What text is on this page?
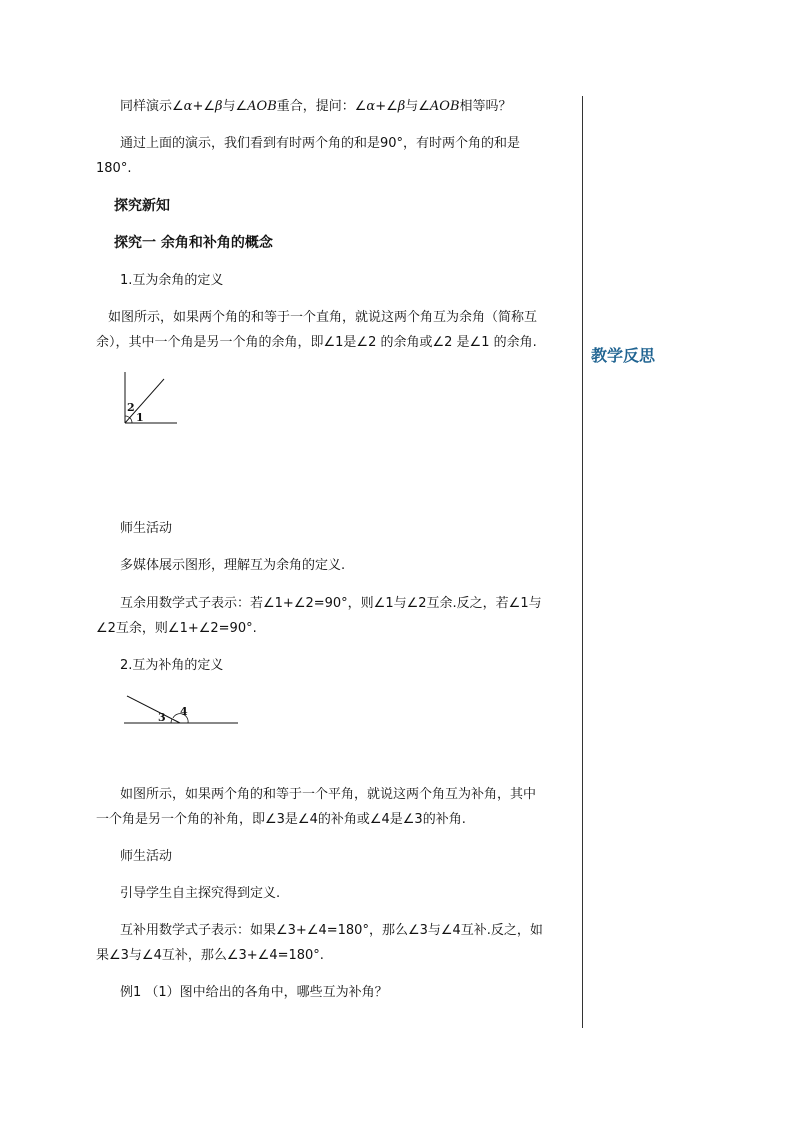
教学反思
同样演示∠α+∠β与∠AOB重合，提问：∠α+∠β与∠AOB相等吗？
通过上面的演示，我们看到有时两个角的和是90°，有时两个角的和是
180°.
探究新知
探究一 余角和补角的概念
1.互为余角的定义
如图所示，如果两个角的和等于一个直角，就说这两个角互为余角（简称互
余），其中一个角是另一个角的余角，即∠1是∠2 的余角或∠2 是∠1 的余角.
2
1
师生活动
多媒体展示图形，理解互为余角的定义.
互余用数学式子表示：若∠1+∠2=90°，则∠1与∠2互余.反之，若∠1与
∠2互余，则∠1+∠2=90°.
2.互为补角的定义
3 4
如图所示，如果两个角的和等于一个平角，就说这两个角互为补角，其中
一个角是另一个角的补角，即∠3是∠4的补角或∠4是∠3的补角.
师生活动
引导学生自主探究得到定义.
互补用数学式子表示：如果∠3+∠4=180°，那么∠3与∠4互补.反之，如
果∠3与∠4互补，那么∠3+∠4=180°.
例1 （1）图中给出的各角中，哪些互为补角？
